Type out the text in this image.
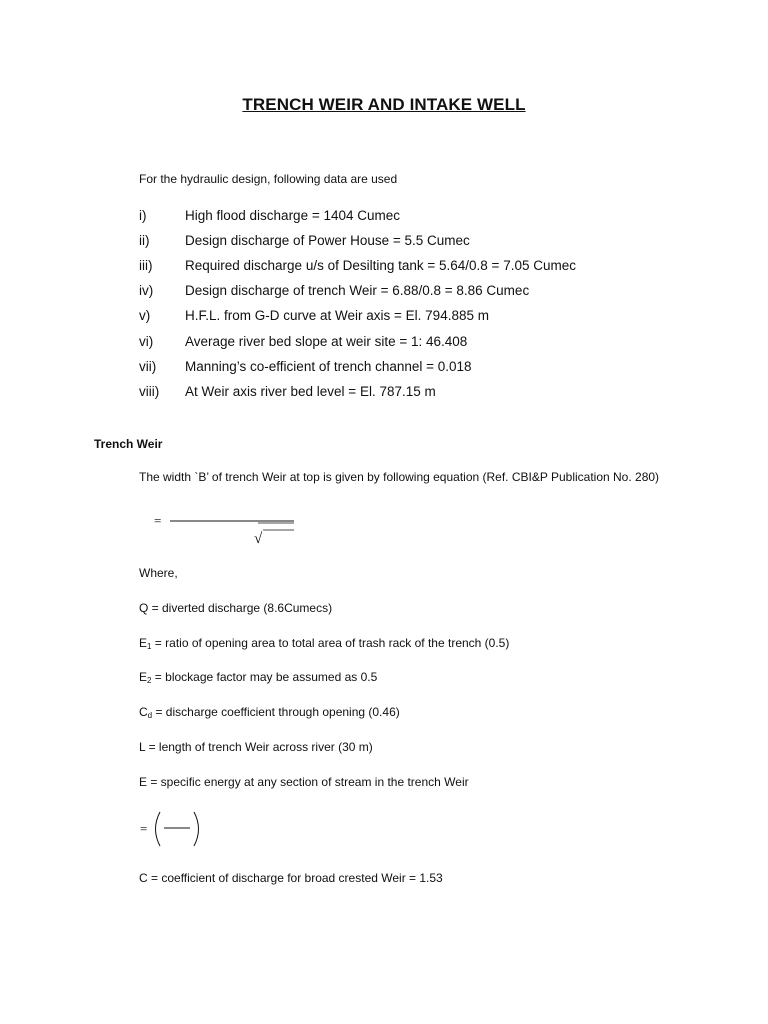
TRENCH WEIR AND INTAKE WELL
For the hydraulic design, following data are used
i)	High flood discharge = 1404 Cumec
ii)	Design discharge of Power House = 5.5 Cumec
iii)	Required discharge u/s of Desilting tank = 5.64/0.8 = 7.05 Cumec
iv)	Design discharge of trench Weir = 6.88/0.8 = 8.86 Cumec
v)	H.F.L. from G-D curve at Weir axis = El. 794.885 m
vi)	Average river bed slope at weir site = 1: 46.408
vii)	Manning’s co-efficient of trench channel = 0.018
viii)	At Weir axis river bed level = El. 787.15 m
Trench Weir
The width `B’ of trench Weir at top is given by following equation (Ref. CBI&P Publication No. 280)
=
√
Where,
Q = diverted discharge (8.6Cumecs)
$E_1$ = ratio of opening area to total area of trash rack of the trench (0.5)
$E_2$ = blockage factor may be assumed as 0.5
$C_d$ = discharge coefficient through opening (0.46)
L = length of trench Weir across river (30 m)
E = specific energy at any section of stream in the trench Weir
=
C = coefficient of discharge for broad crested Weir = 1.53
